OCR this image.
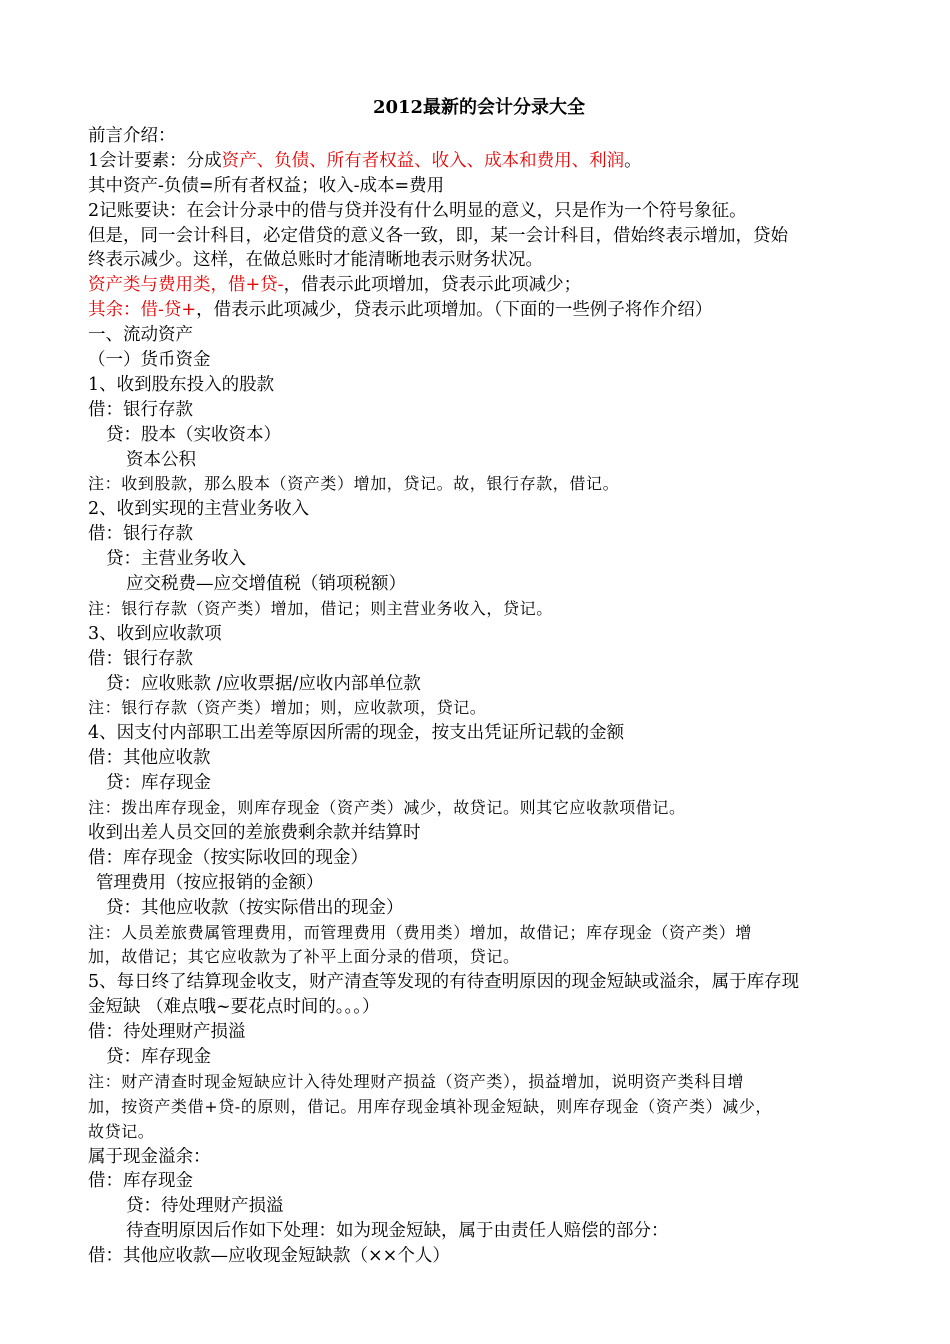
2012最新的会计分录大全
前言介绍：
1会计要素：分成资产、负债、所有者权益、收入、成本和费用、利润。
其中资产-负债=所有者权益；收入-成本=费用
2记账要诀：在会计分录中的借与贷并没有什么明显的意义，只是作为一个符号象征。
但是，同一会计科目，必定借贷的意义各一致，即，某一会计科目，借始终表示增加，贷始
终表示减少。这样，在做总账时才能清晰地表示财务状况。
资产类与费用类，借+贷-，借表示此项增加，贷表示此项减少；
其余：借-贷+，借表示此项减少，贷表示此项增加。（下面的一些例子将作介绍）
一、流动资产
（一）货币资金
1、收到股东投入的股款
借：银行存款
贷：股本（实收资本）
资本公积
注：收到股款，那么股本（资产类）增加，贷记。故，银行存款，借记。
2、收到实现的主营业务收入
借：银行存款
贷：主营业务收入
应交税费—应交增值税（销项税额）
注：银行存款（资产类）增加，借记；则主营业务收入，贷记。
3、收到应收款项
借：银行存款
贷：应收账款 /应收票据/应收内部单位款
注：银行存款（资产类）增加；则，应收款项，贷记。
4、因支付内部职工出差等原因所需的现金，按支出凭证所记载的金额
借：其他应收款
贷：库存现金
注：拨出库存现金，则库存现金（资产类）减少，故贷记。则其它应收款项借记。
收到出差人员交回的差旅费剩余款并结算时
借：库存现金（按实际收回的现金）
管理费用（按应报销的金额）
贷：其他应收款（按实际借出的现金）
注：人员差旅费属管理费用，而管理费用（费用类）增加，故借记；库存现金（资产类）增
加，故借记；其它应收款为了补平上面分录的借项，贷记。
5、每日终了结算现金收支，财产清查等发现的有待查明原因的现金短缺或溢余，属于库存现
金短缺 （难点哦~要花点时间的。。。）
借：待处理财产损溢
贷：库存现金
注：财产清查时现金短缺应计入待处理财产损益（资产类），损益增加，说明资产类科目增
加，按资产类借+贷-的原则，借记。用库存现金填补现金短缺，则库存现金（资产类）减少，
故贷记。
属于现金溢余：
借：库存现金
贷：待处理财产损溢
待查明原因后作如下处理：如为现金短缺，属于由责任人赔偿的部分：
借：其他应收款—应收现金短缺款（××个人）
